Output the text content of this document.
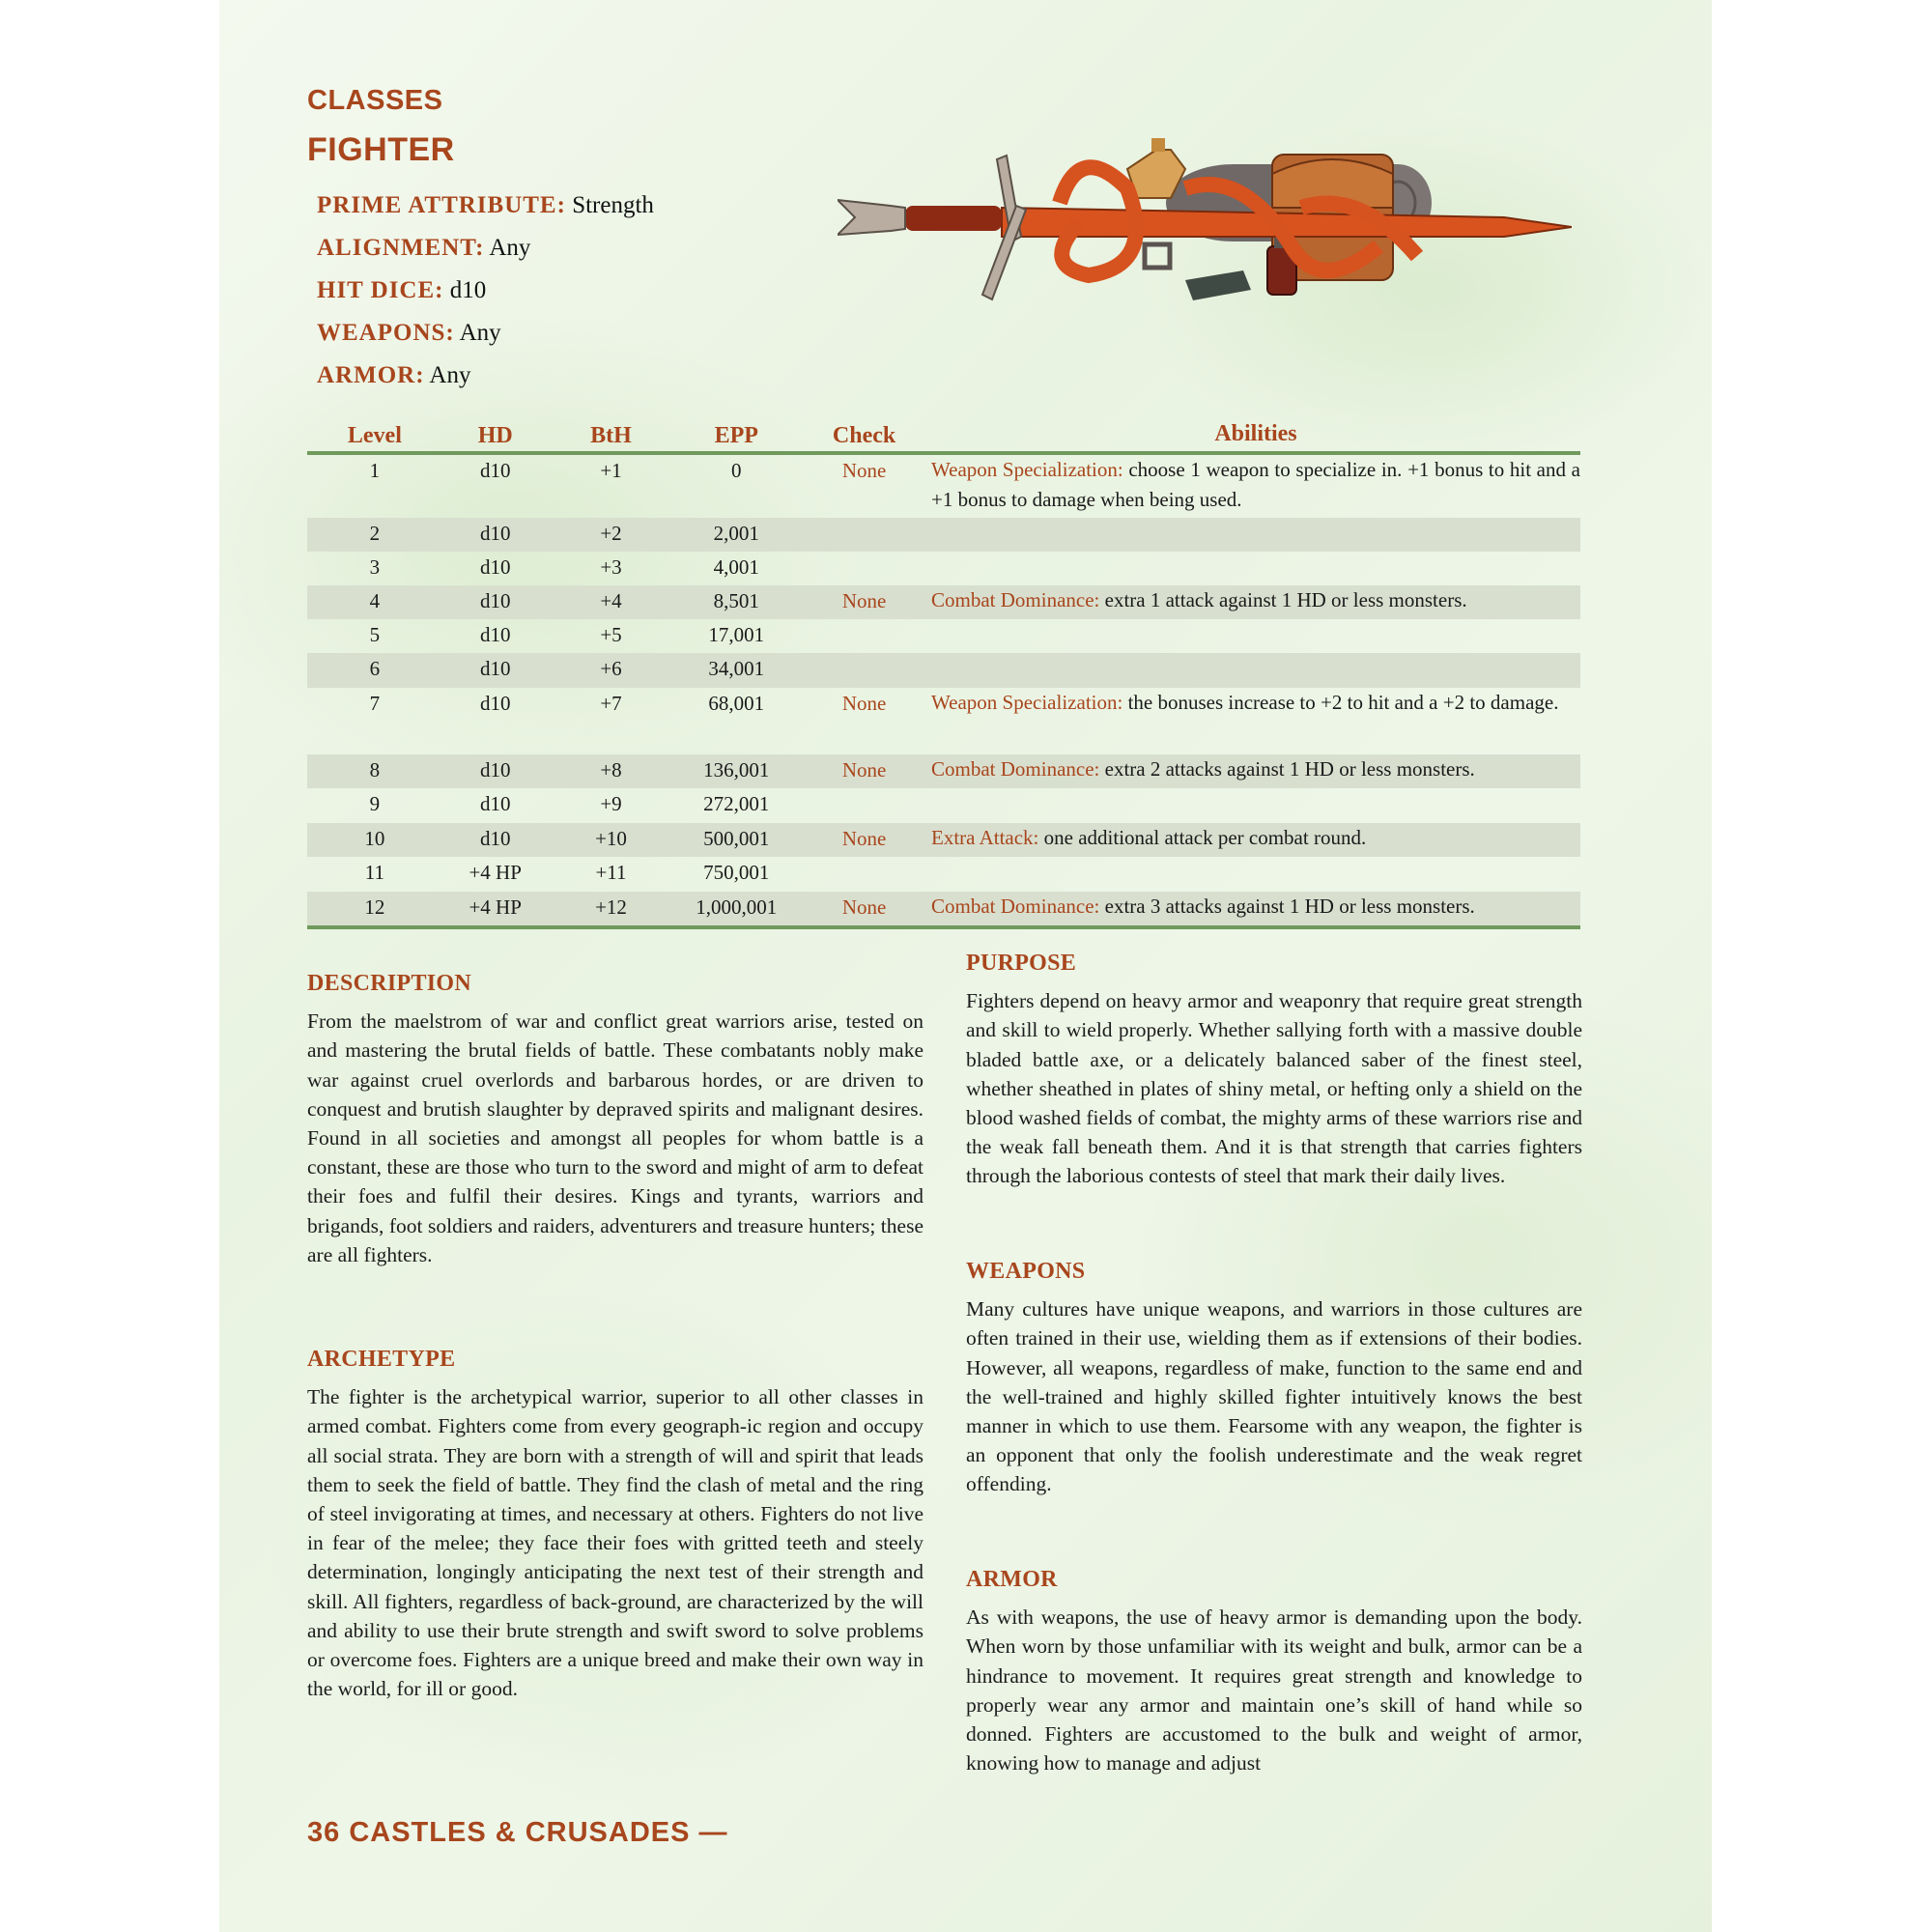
CLASSES
FIGHTER
PRIME ATTRIBUTE: Strength
ALIGNMENT: Any
HIT DICE: d10
WEAPONS: Any
ARMOR: Any
Level	HD	BtH	EPP	Check	Abilities
1	d10	+1	0	None	Weapon Specialization: choose 1 weapon to specialize in. +1 bonus to hit and a +1 bonus to damage when being used.
2	d10	+2	2,001
3	d10	+3	4,001
4	d10	+4	8,501	None	Combat Dominance: extra 1 attack against 1 HD or less monsters.
5	d10	+5	17,001
6	d10	+6	34,001
7	d10	+7	68,001	None	Weapon Specialization: the bonuses increase to +2 to hit and a +2 to damage.
8	d10	+8	136,001	None	Combat Dominance: extra 2 attacks against 1 HD or less monsters.
9	d10	+9	272,001
10	d10	+10	500,001	None	Extra Attack: one additional attack per combat round.
11	+4 HP	+11	750,001
12	+4 HP	+12	1,000,001	None	Combat Dominance: extra 3 attacks against 1 HD or less monsters.
DESCRIPTION

From the maelstrom of war and conflict great warriors arise, tested on and mastering the brutal fields of battle. These combatants nobly make war against cruel overlords and barbarous hordes, or are driven to conquest and brutish slaughter by depraved spirits and malignant desires. Found in all societies and amongst all peoples for whom battle is a constant, these are those who turn to the sword and might of arm to defeat their foes and fulfil their desires. Kings and tyrants, warriors and brigands, foot soldiers and raiders, adventurers and treasure hunters; these are all fighters.

ARCHETYPE

The fighter is the archetypical warrior, superior to all other classes in armed combat. Fighters come from every geograph-ic region and occupy all social strata. They are born with a strength of will and spirit that leads them to seek the field of battle. They find the clash of metal and the ring of steel invigorating at times, and necessary at others. Fighters do not live in fear of the melee; they face their foes with gritted teeth and steely determination, longingly anticipating the next test of their strength and skill. All fighters, regardless of back-ground, are characterized by the will and ability to use their brute strength and swift sword to solve problems or overcome foes. Fighters are a unique breed and make their own way in the world, for ill or good.

PURPOSE

Fighters depend on heavy armor and weaponry that require great strength and skill to wield properly. Whether sallying forth with a massive double bladed battle axe, or a delicately balanced saber of the finest steel, whether sheathed in plates of shiny metal, or hefting only a shield on the blood washed fields of combat, the mighty arms of these warriors rise and the weak fall beneath them. And it is that strength that carries fighters through the laborious contests of steel that mark their daily lives.

WEAPONS

Many cultures have unique weapons, and warriors in those cultures are often trained in their use, wielding them as if extensions of their bodies. However, all weapons, regardless of make, function to the same end and the well-trained and highly skilled fighter intuitively knows the best manner in which to use them. Fearsome with any weapon, the fighter is an opponent that only the foolish underestimate and the weak regret offending.

ARMOR

As with weapons, the use of heavy armor is demanding upon the body. When worn by those unfamiliar with its weight and bulk, armor can be a hindrance to movement. It requires great strength and knowledge to properly wear any armor and maintain one’s skill of hand while so donned. Fighters are accustomed to the bulk and weight of armor, knowing how to manage and adjust

36 CASTLES & CRUSADES —
